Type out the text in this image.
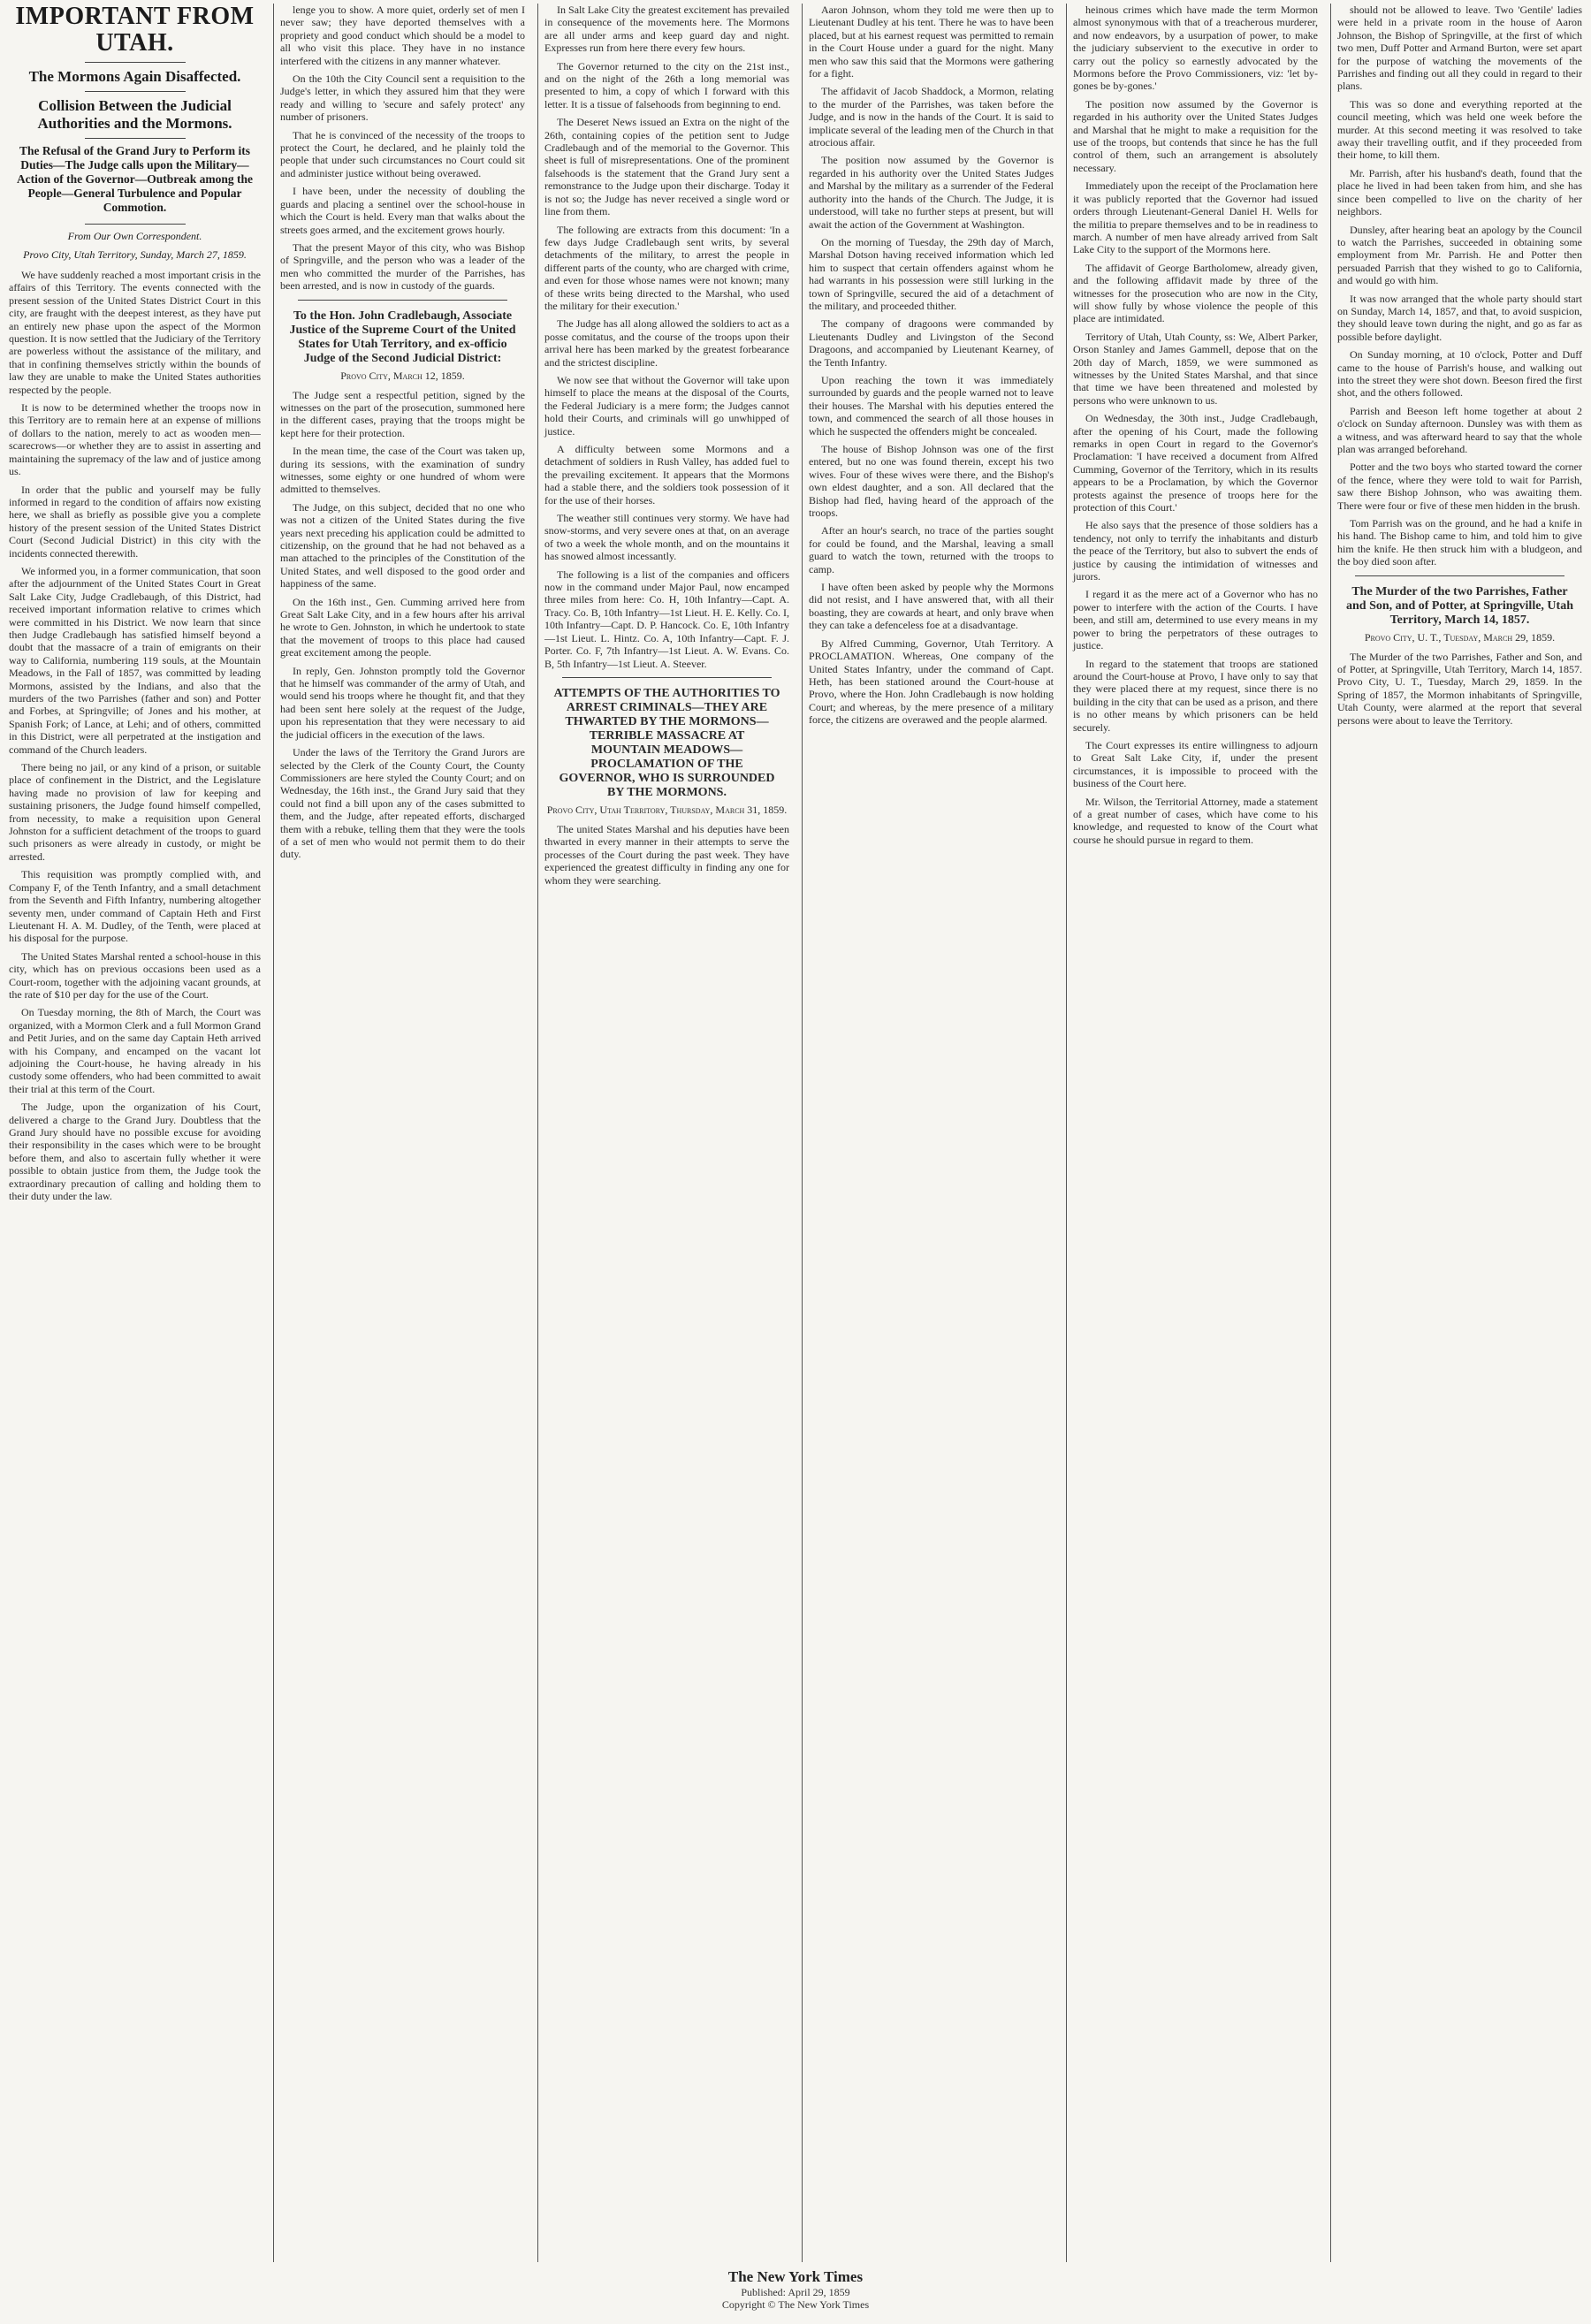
IMPORTANT FROM UTAH.
The Mormons Again Disaffected.
Collision Between the Judicial Authorities and the Mormons.
The Refusal of the Grand Jury to Perform its Duties—The Judge calls upon the Military—Action of the Governor—Outbreak among the People—General Turbulence and Popular Commotion.
From Our Own Correspondent.
Provo City, Utah Territory, Sunday, March 27, 1859.

We have suddenly reached a most important crisis in the affairs of this Territory. The events connected with the present session of the United States District Court in this city, are fraught with the deepest interest, as they have put an entirely new phase upon the aspect of the Mormon question. It is now settled that the Judiciary of the Territory are powerless without the assistance of the military, and that in confining themselves strictly within the bounds of law they are unable to make the United States authorities respected by the people.

It is now to be determined whether the troops now in this Territory are to remain here at an expense of millions of dollars to the nation, merely to act as wooden men—scarecrows—or whether they are to assist in asserting and maintaining the supremacy of the law and of justice among us.

In order that the public and yourself may be fully informed in regard to the condition of affairs now existing here, we shall as briefly as possible give you a complete history of the present session of the United States District Court (Second Judicial District) in this city with the incidents connected therewith.

We informed you, in a former communication, that soon after the adjournment of the United States Court in Great Salt Lake City, Judge Cradlebaugh, of this District, had received important information relative to crimes which were committed in his District. We now learn that since then Judge Cradlebaugh has satisfied himself beyond a doubt that the massacre of a train of emigrants on their way to California, numbering 119 souls, at the Mountain Meadows, in the Fall of 1857, was committed by leading Mormons, assisted by the Indians, and also that the murders of the two Parrishes (father and son) and Potter and Forbes, at Springville; of Jones and his mother, at Spanish Fork; of Lance, at Lehi; and of others, committed in this District, were all perpetrated at the instigation and command of the Church leaders.

There being no jail, or any kind of a prison, or suitable place of confinement in the District, and the Legislature having made no provision of law for keeping and sustaining prisoners, the Judge found himself compelled, from necessity, to make a requisition upon General Johnston for a sufficient detachment of the troops to guard such prisoners as were already in custody, or might be arrested.

This requisition was promptly complied with, and Company F, of the Tenth Infantry, and a small detachment from the Seventh and Fifth Infantry, numbering altogether seventy men, under command of Captain Heth and First Lieutenant H. A. M. Dudley, of the Tenth, were placed at his disposal for the purpose.

The United States Marshal rented a school-house in this city, which has on previous occasions been used as a Court-room, together with the adjoining vacant grounds, at the rate of $10 per day for the use of the Court.

On Tuesday morning, the 8th of March, the Court was organized, with a Mormon Clerk and a full Mormon Grand and Petit Juries, and on the same day Captain Heth arrived with his Company, and encamped on the vacant lot adjoining the Court-house, he having already in his custody some offenders, who had been committed to await their trial at this term of the Court.

The Judge, upon the organization of his Court, delivered a charge to the Grand Jury. Doubtless that the Grand Jury should have no possible excuse for avoiding their responsibility in the cases which were to be brought before them, and also to ascertain fully whether it were possible to obtain justice from them, the Judge took the extraordinary precaution of calling and holding them to their duty under the law.

lenge you to show. A more quiet, orderly set of men I never saw; they have deported themselves with a propriety and good conduct which should be a model to all who visit this place. They have in no instance interfered with the citizens in any manner whatever.

On the 10th the City Council sent a requisition to the Judge's letter, in which they assured him that they were ready and willing to 'secure and safely protect' any number of prisoners.

That he is convinced of the necessity of the troops to protect the Court, he declared, and he plainly told the people that under such circumstances no Court could sit and administer justice without being overawed.

I have been, under the necessity of doubling the guards and placing a sentinel over the school-house in which the Court is held. Every man that walks about the streets goes armed, and the excitement grows hourly.

That the present Mayor of this city, who was Bishop of Springville, and the person who was a leader of the men who committed the murder of the Parrishes, has been arrested, and is now in custody of the guards.

To the Hon. John Cradlebaugh, Associate Justice of the Supreme Court of the United States for Utah Territory, and ex-officio Judge of the Second Judicial District:
Provo City, March 12, 1859.

The Judge sent a respectful petition, signed by the witnesses on the part of the prosecution, summoned here in the different cases, praying that the troops might be kept here for their protection.

In the mean time, the case of the Court was taken up, during its sessions, with the examination of sundry witnesses, some eighty or one hundred of whom were admitted to themselves.

The Judge, on this subject, decided that no one who was not a citizen of the United States during the five years next preceding his application could be admitted to citizenship, on the ground that he had not behaved as a man attached to the principles of the Constitution of the United States, and well disposed to the good order and happiness of the same.

On the 16th inst., Gen. Cumming arrived here from Great Salt Lake City, and in a few hours after his arrival he wrote to Gen. Johnston, in which he undertook to state that the movement of troops to this place had caused great excitement among the people.

In reply, Gen. Johnston promptly told the Governor that he himself was commander of the army of Utah, and would send his troops where he thought fit, and that they had been sent here solely at the request of the Judge, upon his representation that they were necessary to aid the judicial officers in the execution of the laws.

Under the laws of the Territory the Grand Jurors are selected by the Clerk of the County Court, the County Commissioners are here styled the County Court; and on Wednesday, the 16th inst., the Grand Jury said that they could not find a bill upon any of the cases submitted to them, and the Judge, after repeated efforts, discharged them with a rebuke, telling them that they were the tools of a set of men who would not permit them to do their duty.

In Salt Lake City the greatest excitement has prevailed in consequence of the movements here. The Mormons are all under arms and keep guard day and night. Expresses run from here there every few hours.

The Governor returned to the city on the 21st inst., and on the night of the 26th a long memorial was presented to him, a copy of which I forward with this letter. It is a tissue of falsehoods from beginning to end.

The Deseret News issued an Extra on the night of the 26th, containing copies of the petition sent to Judge Cradlebaugh and of the memorial to the Governor. This sheet is full of misrepresentations. One of the prominent falsehoods is the statement that the Grand Jury sent a remonstrance to the Judge upon their discharge. Today it is not so; the Judge has never received a single word or line from them.

The following are extracts from this document: 'In a few days Judge Cradlebaugh sent writs, by several detachments of the military, to arrest the people in different parts of the county, who are charged with crime, and even for those whose names were not known; many of these writs being directed to the Marshal, who used the military for their execution.'

The Judge has all along allowed the soldiers to act as a posse comitatus, and the course of the troops upon their arrival here has been marked by the greatest forbearance and the strictest discipline.

We now see that without the Governor will take upon himself to place the means at the disposal of the Courts, the Federal Judiciary is a mere form; the Judges cannot hold their Courts, and criminals will go unwhipped of justice.

A difficulty between some Mormons and a detachment of soldiers in Rush Valley, has added fuel to the prevailing excitement. It appears that the Mormons had a stable there, and the soldiers took possession of it for the use of their horses.

The weather still continues very stormy. We have had snow-storms, and very severe ones at that, on an average of two a week the whole month, and on the mountains it has snowed almost incessantly.

The following is a list of the companies and officers now in the command under Major Paul, now encamped three miles from here: Co. H, 10th Infantry—Capt. A. Tracy. Co. B, 10th Infantry—1st Lieut. H. E. Kelly. Co. I, 10th Infantry—Capt. D. P. Hancock. Co. E, 10th Infantry—1st Lieut. L. Hintz. Co. A, 10th Infantry—Capt. F. J. Porter. Co. F, 7th Infantry—1st Lieut. A. W. Evans. Co. B, 5th Infantry—1st Lieut. A. Steever.

ATTEMPTS OF THE AUTHORITIES TO ARREST CRIMINALS—THEY ARE THWARTED BY THE MORMONS—TERRIBLE MASSACRE AT MOUNTAIN MEADOWS—PROCLAMATION OF THE GOVERNOR, WHO IS SURROUNDED BY THE MORMONS.
Provo City, Utah Territory, Thursday, March 31, 1859.

The united States Marshal and his deputies have been thwarted in every manner in their attempts to serve the processes of the Court during the past week. They have experienced the greatest difficulty in finding any one for whom they were searching.

Aaron Johnson, whom they told me were then up to Lieutenant Dudley at his tent. There he was to have been placed, but at his earnest request was permitted to remain in the Court House under a guard for the night. Many men who saw this said that the Mormons were gathering for a fight.

The affidavit of Jacob Shaddock, a Mormon, relating to the murder of the Parrishes, was taken before the Judge, and is now in the hands of the Court. It is said to implicate several of the leading men of the Church in that atrocious affair.

The position now assumed by the Governor is regarded in his authority over the United States Judges and Marshal by the military as a surrender of the Federal authority into the hands of the Church. The Judge, it is understood, will take no further steps at present, but will await the action of the Government at Washington.

On the morning of Tuesday, the 29th day of March, Marshal Dotson having received information which led him to suspect that certain offenders against whom he had warrants in his possession were still lurking in the town of Springville, secured the aid of a detachment of the military, and proceeded thither.

The company of dragoons were commanded by Lieutenants Dudley and Livingston of the Second Dragoons, and accompanied by Lieutenant Kearney, of the Tenth Infantry.

Upon reaching the town it was immediately surrounded by guards and the people warned not to leave their houses. The Marshal with his deputies entered the town, and commenced the search of all those houses in which he suspected the offenders might be concealed.

The house of Bishop Johnson was one of the first entered, but no one was found therein, except his two wives. Four of these wives were there, and the Bishop's own eldest daughter, and a son. All declared that the Bishop had fled, having heard of the approach of the troops.

After an hour's search, no trace of the parties sought for could be found, and the Marshal, leaving a small guard to watch the town, returned with the troops to camp.

I have often been asked by people why the Mormons did not resist, and I have answered that, with all their boasting, they are cowards at heart, and only brave when they can take a defenceless foe at a disadvantage.

By Alfred Cumming, Governor, Utah Territory. A PROCLAMATION. Whereas, One company of the United States Infantry, under the command of Capt. Heth, has been stationed around the Court-house at Provo, where the Hon. John Cradlebaugh is now holding Court; and whereas, by the mere presence of a military force, the citizens are overawed and the people alarmed.

heinous crimes which have made the term Mormon almost synonymous with that of a treacherous murderer, and now endeavors, by a usurpation of power, to make the judiciary subservient to the executive in order to carry out the policy so earnestly advocated by the Mormons before the Provo Commissioners, viz: 'let by-gones be by-gones.'

The position now assumed by the Governor is regarded in his authority over the United States Judges and Marshal that he might to make a requisition for the use of the troops, but contends that since he has the full control of them, such an arrangement is absolutely necessary.

Immediately upon the receipt of the Proclamation here it was publicly reported that the Governor had issued orders through Lieutenant-General Daniel H. Wells for the militia to prepare themselves and to be in readiness to march. A number of men have already arrived from Salt Lake City to the support of the Mormons here.

The affidavit of George Bartholomew, already given, and the following affidavit made by three of the witnesses for the prosecution who are now in the City, will show fully by whose violence the people of this place are intimidated.

Territory of Utah, Utah County, ss: We, Albert Parker, Orson Stanley and James Gammell, depose that on the 20th day of March, 1859, we were summoned as witnesses by the United States Marshal, and that since that time we have been threatened and molested by persons who were unknown to us.

On Wednesday, the 30th inst., Judge Cradlebaugh, after the opening of his Court, made the following remarks in open Court in regard to the Governor's Proclamation: 'I have received a document from Alfred Cumming, Governor of the Territory, which in its results appears to be a Proclamation, by which the Governor protests against the presence of troops here for the protection of this Court.'

He also says that the presence of those soldiers has a tendency, not only to terrify the inhabitants and disturb the peace of the Territory, but also to subvert the ends of justice by causing the intimidation of witnesses and jurors.

I regard it as the mere act of a Governor who has no power to interfere with the action of the Courts. I have been, and still am, determined to use every means in my power to bring the perpetrators of these outrages to justice.

In regard to the statement that troops are stationed around the Court-house at Provo, I have only to say that they were placed there at my request, since there is no building in the city that can be used as a prison, and there is no other means by which prisoners can be held securely.

The Court expresses its entire willingness to adjourn to Great Salt Lake City, if, under the present circumstances, it is impossible to proceed with the business of the Court here.

Mr. Wilson, the Territorial Attorney, made a statement of a great number of cases, which have come to his knowledge, and requested to know of the Court what course he should pursue in regard to them.

should not be allowed to leave. Two 'Gentile' ladies were held in a private room in the house of Aaron Johnson, the Bishop of Springville, at the first of which two men, Duff Potter and Armand Burton, were set apart for the purpose of watching the movements of the Parrishes and finding out all they could in regard to their plans.

This was so done and everything reported at the council meeting, which was held one week before the murder. At this second meeting it was resolved to take away their travelling outfit, and if they proceeded from their home, to kill them.

Mr. Parrish, after his husband's death, found that the place he lived in had been taken from him, and she has since been compelled to live on the charity of her neighbors.

Dunsley, after hearing beat an apology by the Council to watch the Parrishes, succeeded in obtaining some employment from Mr. Parrish. He and Potter then persuaded Parrish that they wished to go to California, and would go with him.

It was now arranged that the whole party should start on Sunday, March 14, 1857, and that, to avoid suspicion, they should leave town during the night, and go as far as possible before daylight.

On Sunday morning, at 10 o'clock, Potter and Duff came to the house of Parrish's house, and walking out into the street they were shot down. Beeson fired the first shot, and the others followed.

Parrish and Beeson left home together at about 2 o'clock on Sunday afternoon. Dunsley was with them as a witness, and was afterward heard to say that the whole plan was arranged beforehand.

Potter and the two boys who started toward the corner of the fence, where they were told to wait for Parrish, saw there Bishop Johnson, who was awaiting them. There were four or five of these men hidden in the brush.

Tom Parrish was on the ground, and he had a knife in his hand. The Bishop came to him, and told him to give him the knife. He then struck him with a bludgeon, and the boy died soon after.

The Murder of the two Parrishes, Father and Son, and of Potter, at Springville, Utah Territory, March 14, 1857.
Provo City, U. T., Tuesday, March 29, 1859.

The Murder of the two Parrishes, Father and Son, and of Potter, at Springville, Utah Territory, March 14, 1857. Provo City, U. T., Tuesday, March 29, 1859. In the Spring of 1857, the Mormon inhabitants of Springville, Utah County, were alarmed at the report that several persons were about to leave the Territory.

The New York Times
Published: April 29, 1859
Copyright © The New York Times
